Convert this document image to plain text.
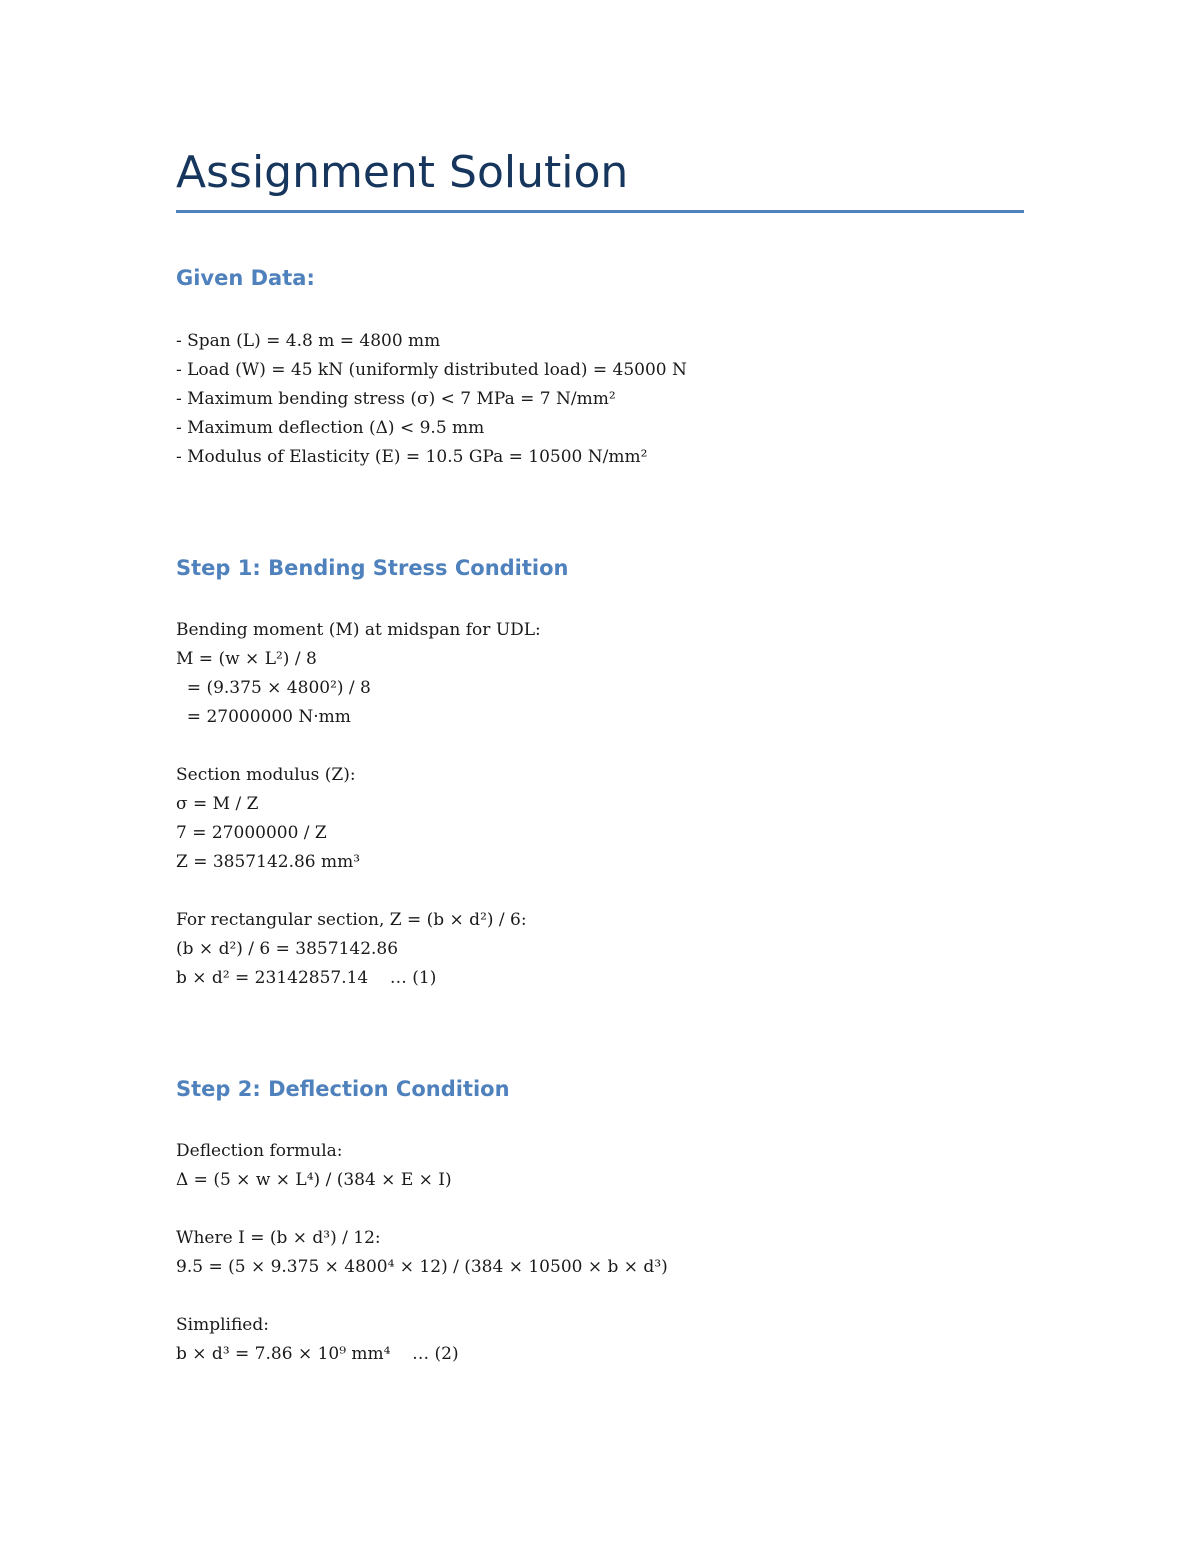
Assignment Solution
Given Data:
- Span (L) = 4.8 m = 4800 mm
- Load (W) = 45 kN (uniformly distributed load) = 45000 N
- Maximum bending stress (σ) < 7 MPa = 7 N/mm²
- Maximum deflection (Δ) < 9.5 mm
- Modulus of Elasticity (E) = 10.5 GPa = 10500 N/mm²
Step 1: Bending Stress Condition
Bending moment (M) at midspan for UDL:
M = (w × L²) / 8
= (9.375 × 4800²) / 8
= 27000000 N·mm
Section modulus (Z):
σ = M / Z
7 = 27000000 / Z
Z = 3857142.86 mm³
For rectangular section, Z = (b × d²) / 6:
(b × d²) / 6 = 3857142.86
b × d² = 23142857.14    … (1)
Step 2: Deflection Condition
Deflection formula:
Δ = (5 × w × L⁴) / (384 × E × I)
Where I = (b × d³) / 12:
9.5 = (5 × 9.375 × 4800⁴ × 12) / (384 × 10500 × b × d³)
Simplified:
b × d³ = 7.86 × 10⁹ mm⁴    … (2)
